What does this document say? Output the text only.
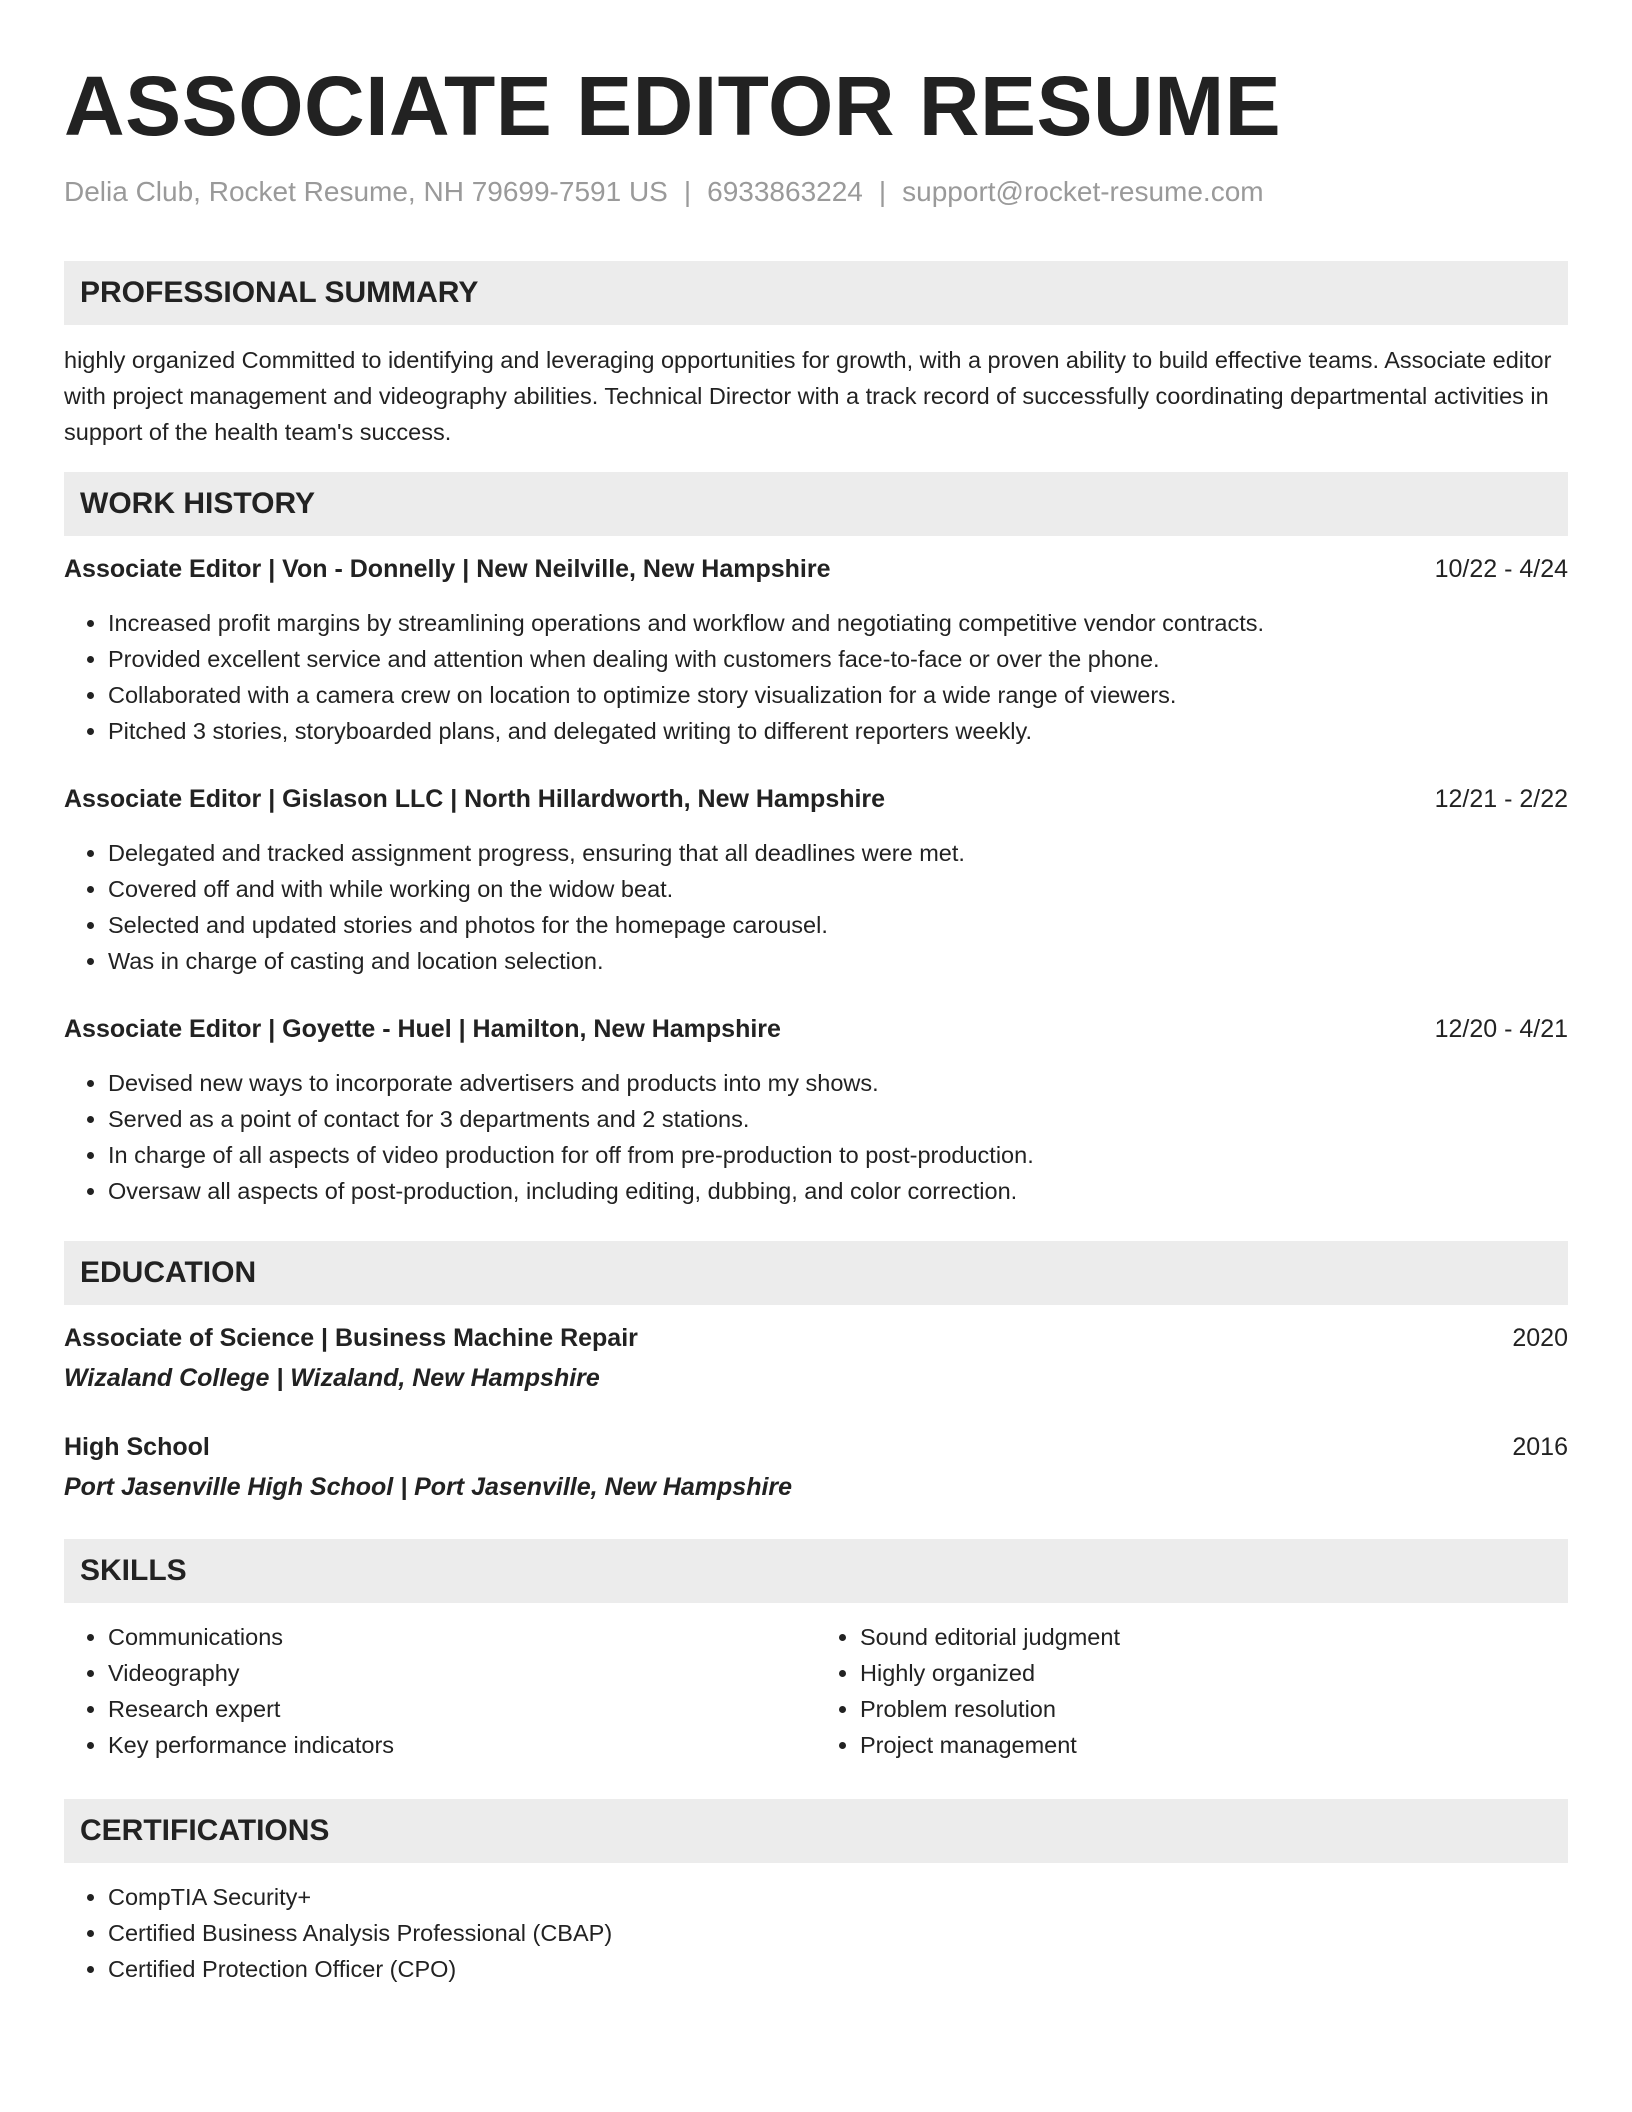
ASSOCIATE EDITOR RESUME
Delia Club, Rocket Resume, NH 79699-7591 US | 6933863224 | support@rocket-resume.com
PROFESSIONAL SUMMARY

highly organized Committed to identifying and leveraging opportunities for growth, with a proven ability to build effective teams. Associate editor with project management and videography abilities. Technical Director with a track record of successfully coordinating departmental activities in support of the health team's success.

WORK HISTORY
Associate Editor | Von - Donnelly | New Neilville, New Hampshire	10/22 - 4/24
• Increased profit margins by streamlining operations and workflow and negotiating competitive vendor contracts.
• Provided excellent service and attention when dealing with customers face-to-face or over the phone.
• Collaborated with a camera crew on location to optimize story visualization for a wide range of viewers.
• Pitched 3 stories, storyboarded plans, and delegated writing to different reporters weekly.
Associate Editor | Gislason LLC | North Hillardworth, New Hampshire	12/21 - 2/22
• Delegated and tracked assignment progress, ensuring that all deadlines were met.
• Covered off and with while working on the widow beat.
• Selected and updated stories and photos for the homepage carousel.
• Was in charge of casting and location selection.
Associate Editor | Goyette - Huel | Hamilton, New Hampshire	12/20 - 4/21
• Devised new ways to incorporate advertisers and products into my shows.
• Served as a point of contact for 3 departments and 2 stations.
• In charge of all aspects of video production for off from pre-production to post-production.
• Oversaw all aspects of post-production, including editing, dubbing, and color correction.
EDUCATION
Associate of Science | Business Machine Repair	2020
Wizaland College | Wizaland, New Hampshire
High School	2016
Port Jasenville High School | Port Jasenville, New Hampshire
SKILLS
• Communications
• Videography
• Research expert
• Key performance indicators
• Sound editorial judgment
• Highly organized
• Problem resolution
• Project management
CERTIFICATIONS
• CompTIA Security+
• Certified Business Analysis Professional (CBAP)
• Certified Protection Officer (CPO)
